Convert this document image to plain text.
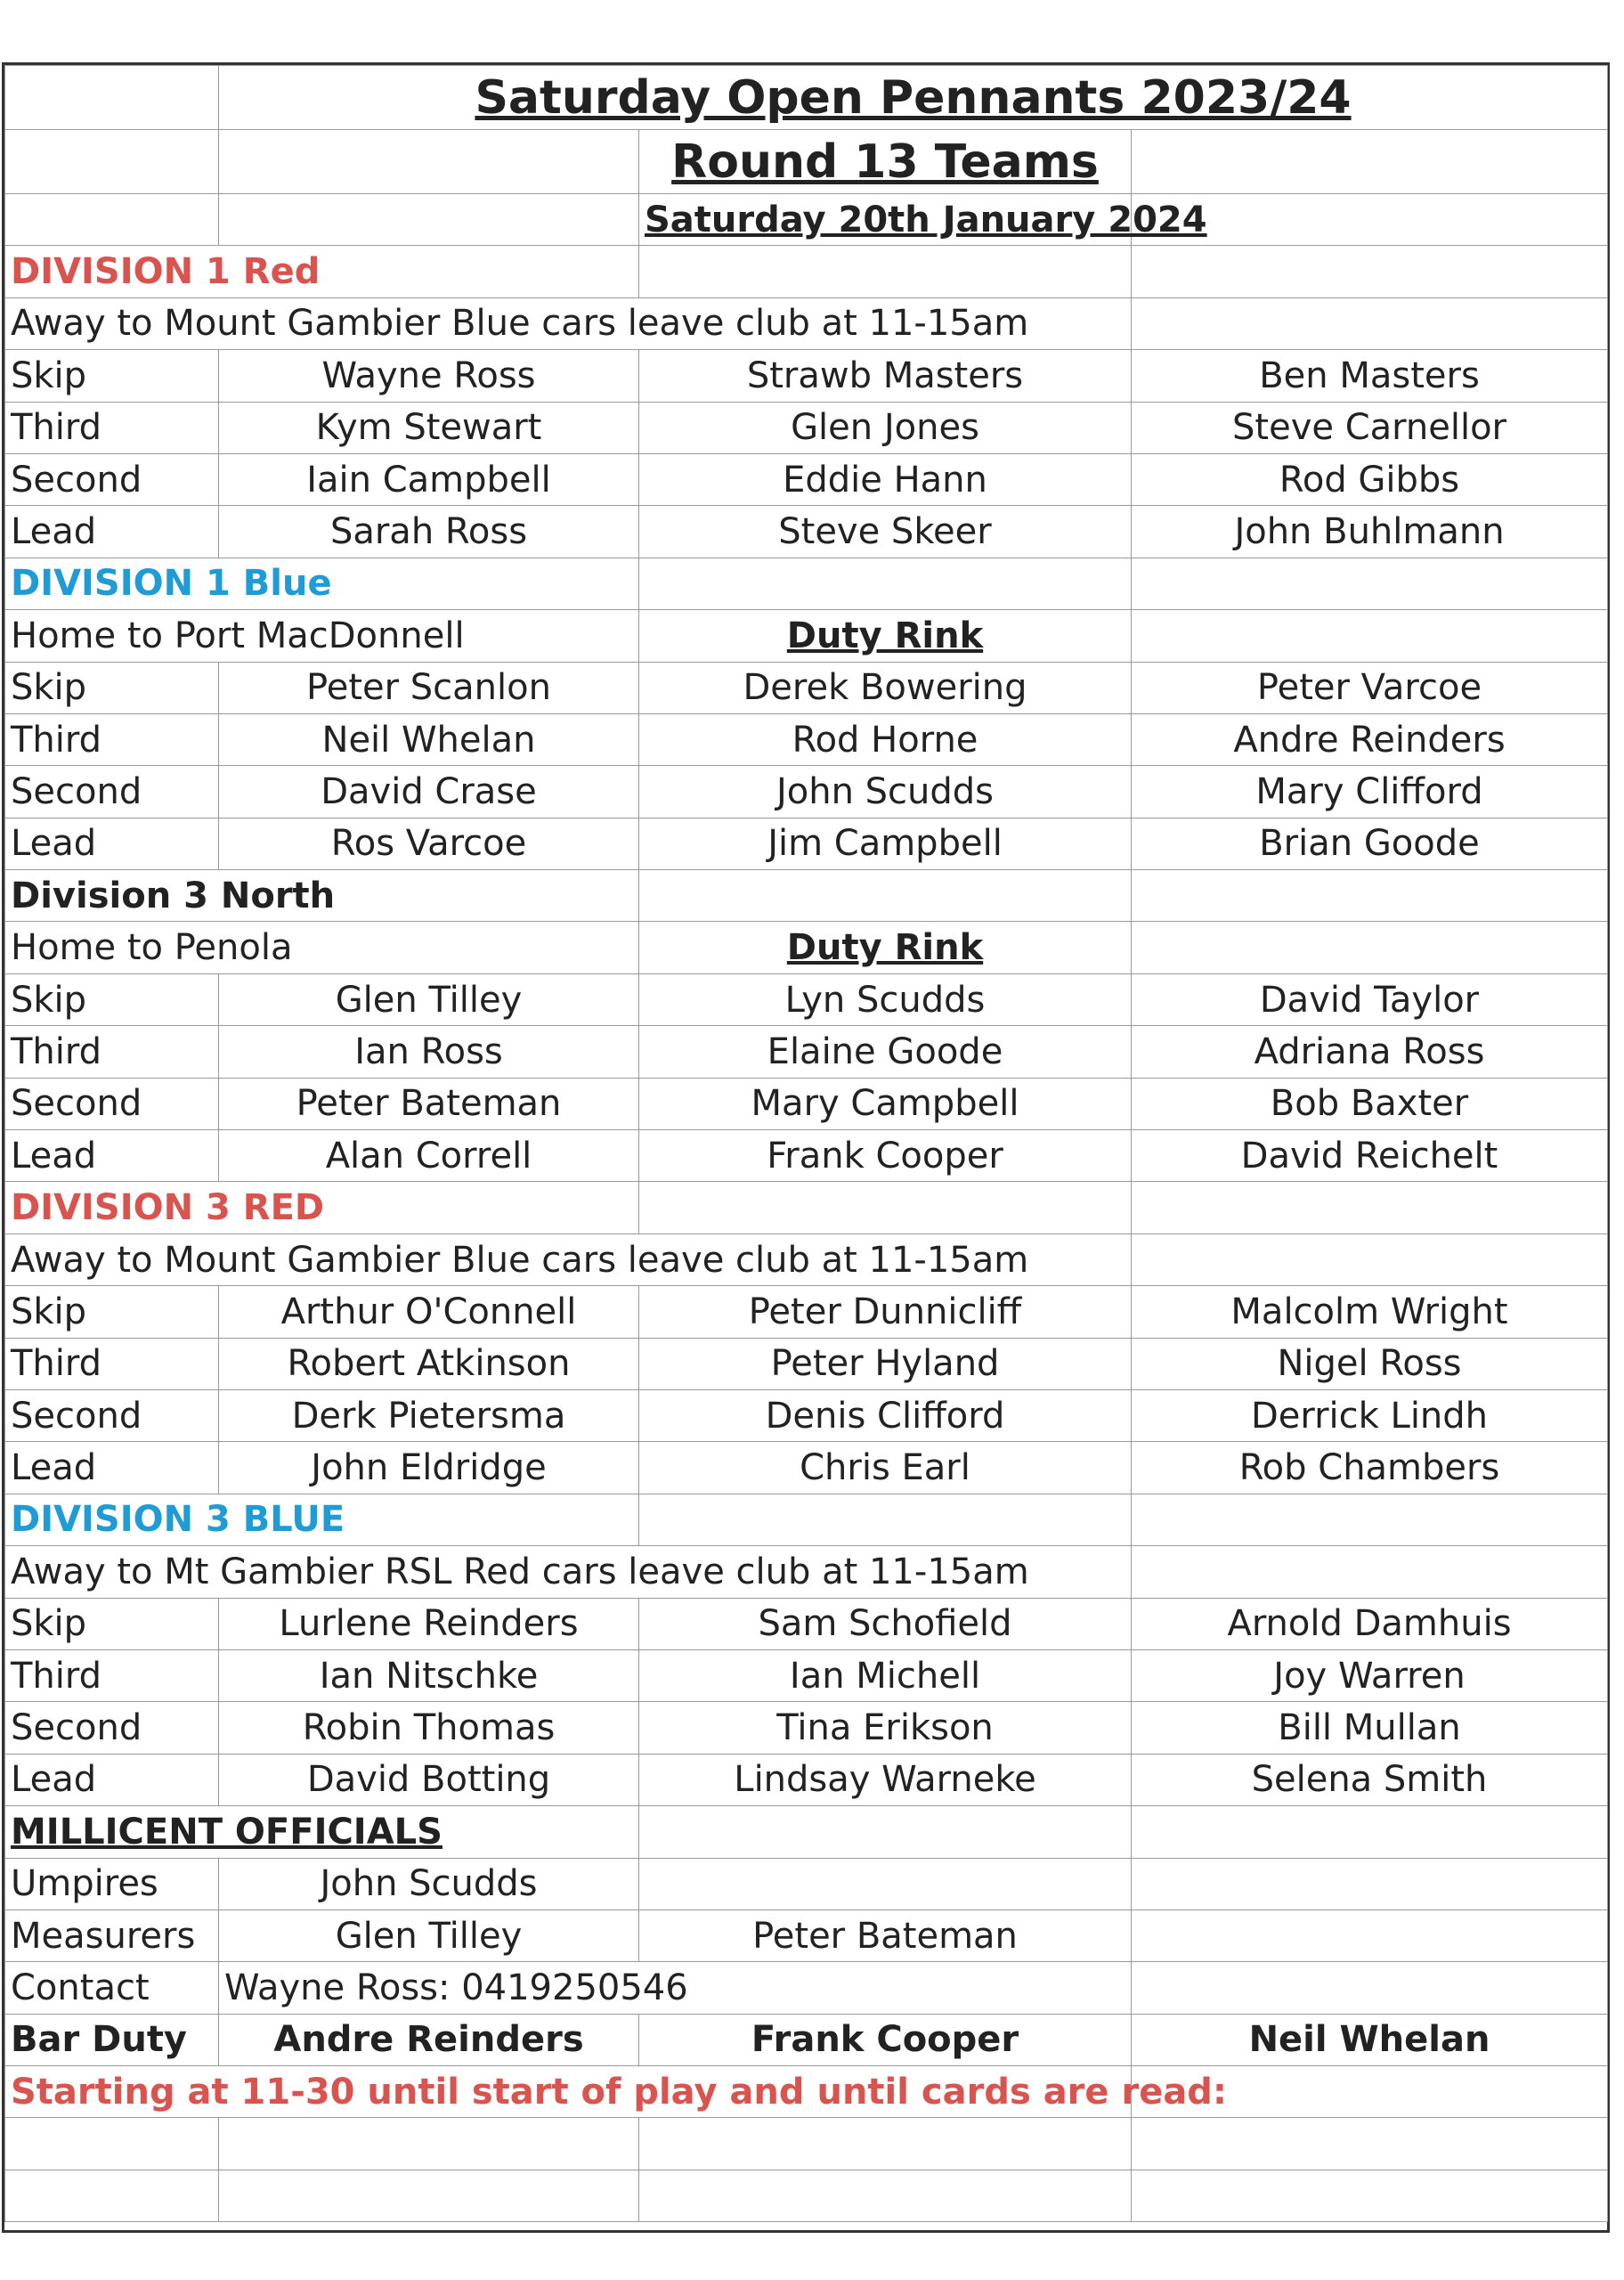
	Saturday Open Pennants 2023/24		
		Round 13 Teams	
		Saturday 20th January 2024	
DIVISION 1 Red			
Away to Mount Gambier Blue cars leave club at 11-15am			
Skip	Wayne Ross	Strawb Masters	Ben Masters
Third	Kym Stewart	Glen Jones	Steve Carnellor
Second	Iain Campbell	Eddie Hann	Rod Gibbs
Lead	Sarah Ross	Steve Skeer	John Buhlmann
DIVISION 1 Blue			
Home to Port MacDonnell		Duty Rink	
Skip	Peter Scanlon	Derek Bowering	Peter Varcoe
Third	Neil Whelan	Rod Horne	Andre Reinders
Second	David Crase	John Scudds	Mary Clifford
Lead	Ros Varcoe	Jim Campbell	Brian Goode
Division 3 North			
Home to Penola		Duty Rink	
Skip	Glen Tilley	Lyn Scudds	David Taylor
Third	Ian Ross	Elaine Goode	Adriana Ross
Second	Peter Bateman	Mary Campbell	Bob Baxter
Lead	Alan Correll	Frank Cooper	David Reichelt
DIVISION 3 RED			
Away to Mount Gambier Blue cars leave club at 11-15am			
Skip	Arthur O'Connell	Peter Dunnicliff	Malcolm Wright
Third	Robert Atkinson	Peter Hyland	Nigel Ross
Second	Derk Pietersma	Denis Clifford	Derrick Lindh
Lead	John Eldridge	Chris Earl	Rob Chambers
DIVISION 3 BLUE			
Away to Mt Gambier RSL Red cars leave club at 11-15am			
Skip	Lurlene Reinders	Sam Schofield	Arnold Damhuis
Third	Ian Nitschke	Ian Michell	Joy Warren
Second	Robin Thomas	Tina Erikson	Bill Mullan
Lead	David Botting	Lindsay Warneke	Selena Smith
MILLICENT OFFICIALS			
Umpires	John Scudds		
Measurers	Glen Tilley	Peter Bateman	
Contact	Wayne Ross: 0419250546		
Bar Duty	Andre Reinders	Frank Cooper	Neil Whelan
Starting at 11-30 until start of play and until cards are read:			
